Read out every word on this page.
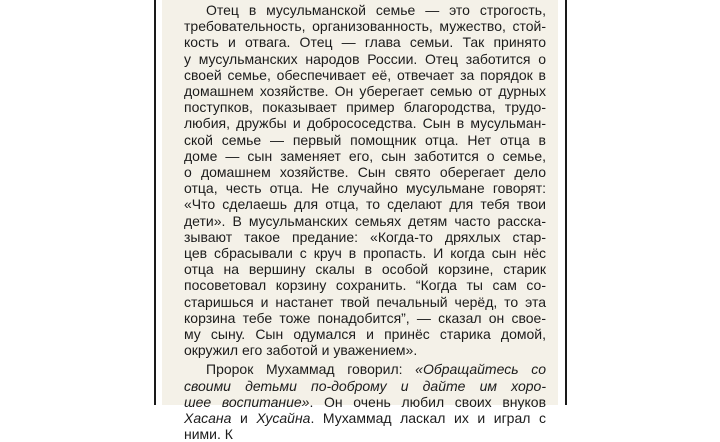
Отец в мусульманской семье — это строгость,
требовательность, организованность, мужество, стой-
кость и отвага. Отец — глава семьи. Так принято
у мусульманских народов России. Отец заботится о
своей семье, обеспечивает её, отвечает за порядок в
домашнем хозяйстве. Он уберегает семью от дурных
поступков, показывает пример благородства, трудо-
любия, дружбы и добрососедства. Сын в мусульман-
ской семье — первый помощник отца. Нет отца в
доме — сын заменяет его, сын заботится о семье,
о домашнем хозяйстве. Сын свято оберегает дело
отца, честь отца. Не случайно мусульмане говорят:
«Что сделаешь для отца, то сделают для тебя твои
дети». В мусульманских семьях детям часто расска-
зывают такое предание: «Когда-то дряхлых стар-
цев сбрасывали с круч в пропасть. И когда сын нёс
отца на вершину скалы в особой корзине, старик
посоветовал корзину сохранить. “Когда ты сам со-
старишься и настанет твой печальный черёд, то эта
корзина тебе тоже понадобится”, — сказал он свое-
му сыну. Сын одумался и принёс старика домой,
окружил его заботой и уважением».
Пророк Мухаммад говорил: «Обращайтесь со
своими детьми по-доброму и дайте им хоро-
шее воспитание». Он очень любил своих внуков
Хасана и Хусайна. Мухаммад ласкал их и играл с
ними. К
